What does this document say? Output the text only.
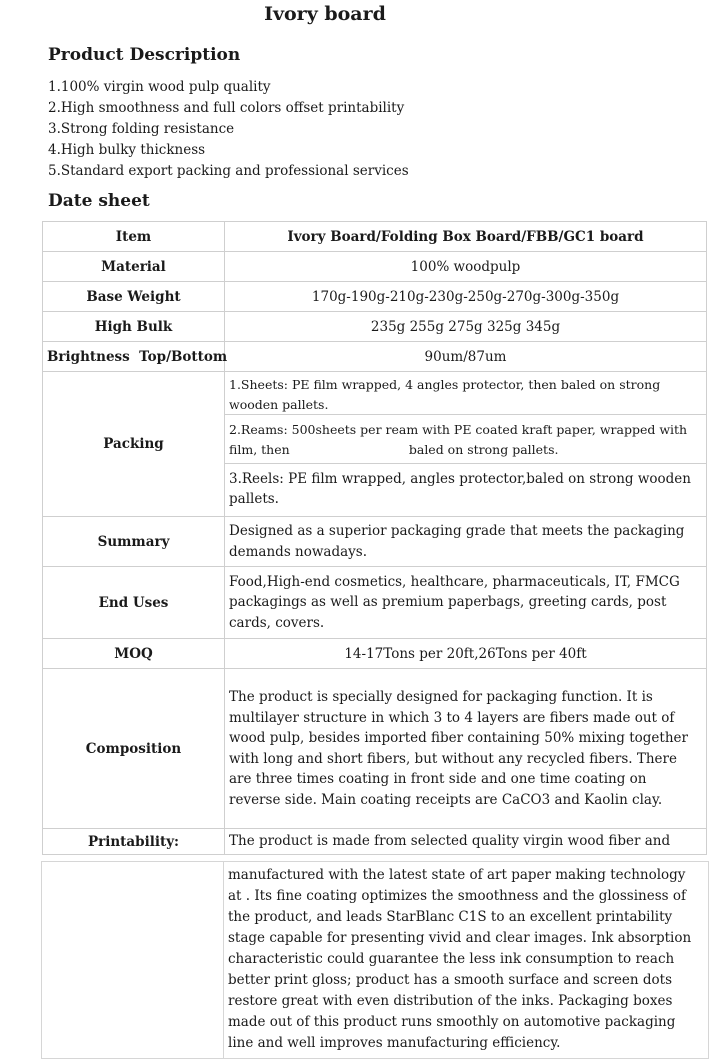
Ivory board
Product Description
1.100% virgin wood pulp quality
2.High smoothness and full colors offset printability
3.Strong folding resistance
4.High bulky thickness
5.Standard export packing and professional services
Date sheet
Item	Ivory Board/Folding Box Board/FBB/GC1 board
Material	100% woodpulp
Base Weight	170g-190g-210g-230g-250g-270g-300g-350g
High Bulk	235g 255g 275g 325g 345g
Brightness  Top/Bottom	90um/87um
Packing	1.Sheets: PE film wrapped, 4 angles protector, then baled on strong wooden pallets.
2.Reams: 500sheets per ream with PE coated kraft paper, wrapped with film, then                              baled on strong pallets.
3.Reels: PE film wrapped, angles protector,baled on strong wooden pallets.

Summary	Designed as a superior packaging grade that meets the packaging demands nowadays.
End Uses	Food,High-end cosmetics, healthcare, pharmaceuticals, IT, FMCG packagings as well as premium paperbags, greeting cards, post cards, covers.
MOQ	14-17Tons per 20ft,26Tons per 40ft
Composition	The product is specially designed for packaging function. It is multilayer structure in which 3 to 4 layers are fibers made out of wood pulp, besides imported fiber containing 50% mixing together with long and short fibers, but without any recycled fibers. There are three times coating in front side and one time coating on reverse side. Main coating receipts are CaCO3 and Kaolin clay.
Printability:	The product is made from selected quality virgin wood fiber and
manufactured with the latest state of art paper making technology at . Its fine coating optimizes the smoothness and the glossiness of the product, and leads StarBlanc C1S to an excellent printability stage capable for presenting vivid and clear images. Ink absorption characteristic could guarantee the less ink consumption to reach better print gloss; product has a smooth surface and screen dots restore great with even distribution of the inks. Packaging boxes made out of this product runs smoothly on automotive packaging line and well improves manufacturing efficiency.
